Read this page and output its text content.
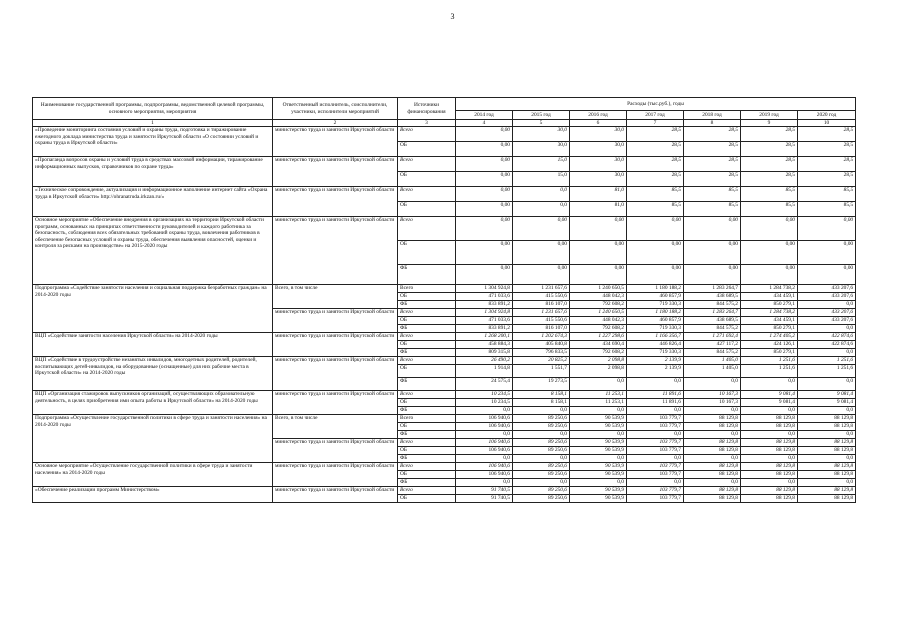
3
Наименование государственной программы, подпрограммы, ведомственной целевой программы, основного мероприятия, мероприятия	Ответственный исполнитель, соисполнители, участники, исполнители мероприятий	Источники финансирования	Расходы (тыс.руб.), годы						
			2014 год	2015 год	2016 год	2017 год	2018 год	2019 год	2020 год
1	2	3	4	5	6	7	8	9	10
«Проведение мониторинга состояния условий и охраны труда, подготовка и тиражирование ежегодного доклада министерства труда и занятости Иркутской области «О состоянии условий и охраны труда в Иркутской области»	министерство труда и занятости Иркутской области	Всего	0,00	30,0	30,0	28,5	28,5	28,5	28,5
		ОБ	0,00	30,0	30,0	28,5	28,5	28,5	28,5
«Пропаганда вопросов охраны и условий труда в средствах массовой информации, тиражирование информационных выпусков, справочников по охране труда»	министерство труда и занятости Иркутской области	Всего	0,00	15,0	30,0	28,5	28,5	28,5	28,5
		ОБ	0,00	15,0	30,0	28,5	28,5	28,5	28,5
«Техническое сопровождение, актуализация и информационное наполнение интернет сайта «Охрана труда в Иркутской области» http://ohranatruda.irkzan.ru/»	министерство труда и занятости Иркутской области	Всего	0,00	0,0	81,0	85,5	85,5	85,5	85,5
		ОБ	0,00	0,0	81,0	85,5	85,5	85,5	85,5
Основное мероприятие «Обеспечение внедрения в организациях на территории Иркутской области программ, основанных на принципах ответственности руководителей и каждого работника за безопасность, соблюдения всех обязательных требований охраны труда, вовлечения работников в обеспечение безопасных условий и охраны труда, обеспечения выявления опасностей, оценки и контроля за рисками на производстве» на 2015-2020 годы	министерство труда и занятости Иркутской области	Всего	0,00	0,00	0,00	0,00	0,00	0,00	0,00
		ОБ	0,00	0,00	0,00	0,00	0,00	0,00	0,00
		ФБ	0,00	0,00	0,00	0,00	0,00	0,00	0,00
Подпрограмма «Содействие занятости населения и социальная поддержка безработных граждан» на 2014-2020 годы	Всего, в том числе	Всего	1 304 924,8	1 231 657,6	1 240 650,5	1 180 188,2	1 283 264,7	1 284 738,2	433 207,6
		ОБ	471 033,6	415 550,6	448 042,3	460 857,9	438 689,5	434 459,1	433 207,6
		ФБ	833 891,2	816 107,0	792 608,2	719 330,3	844 575,2	850 279,1	0,0
	министерство труда и занятости Иркутской области	Всего	1 304 924,8	1 231 657,6	1 240 650,5	1 180 188,2	1 283 264,7	1 284 738,2	433 207,6
		ОБ	471 033,6	415 550,6	448 042,3	460 857,9	438 689,5	434 459,1	433 207,6
		ФБ	833 891,2	816 107,0	792 608,2	719 330,3	844 575,2	850 279,1	0,0
ВЦП «Содействие занятости населения Иркутской области» на 2014-2020 годы	министерство труда и занятости Иркутской области	Всего	1 268 200,1	1 202 674,3	1 227 298,6	1 166 356,7	1 271 692,4	1 274 405,2	422 874,6
		ОБ	458 884,3	405 840,8	434 690,4	446 826,4	427 117,2	424 126,1	422 874,6
		ФБ	809 315,8	796 833,5	792 608,2	719 330,3	844 575,2	850 279,1	0,0
ВЦП «Содействие в трудоустройстве незанятых инвалидов, многодетных родителей, родителей, воспитывающих детей-инвалидов, на оборудованные (оснащенные) для них рабочие места в Иркутской области» на 2014-2020 годы	министерство труда и занятости Иркутской области	Всего	26 490,2	20 825,2	2 098,8	2 139,9	1 405,0	1 251,6	1 251,6
		ОБ	1 914,8	1 551,7	2 098,8	2 139,9	1 405,0	1 251,6	1 251,6
		ФБ	24 575,4	19 273,5	0,0	0,0	0,0	0,0	0,0
ВЦП «Организация стажировок выпускников организаций, осуществляющих образовательную деятельность, в целях приобретения ими опыта работы в Иркутской области» на 2014-2020 годы	министерство труда и занятости Иркутской области	Всего	10 234,5	8 158,1	11 253,1	11 891,6	10 167,3	9 081,4	9 081,4
		ОБ	10 234,5	8 158,1	11 253,1	11 891,6	10 167,3	9 081,4	9 081,4
		ФБ	0,0	0,0	0,0	0,0	0,0	0,0	0,0
Подпрограмма «Осуществление государственной политики в сфере труда и занятости населения» на 2014-2020 годы	Всего, в том числе	Всего	106 940,6	89 250,6	90 539,9	103 779,7	88 129,8	88 129,8	88 129,8
		ОБ	106 940,6	89 250,6	90 539,9	103 779,7	88 129,8	88 129,8	88 129,8
		ФБ	0,0	0,0	0,0	0,0	0,0	0,0	0,0
	министерство труда и занятости Иркутской области	Всего	106 940,6	89 250,6	90 539,9	103 779,7	88 129,8	88 129,8	88 129,8
		ОБ	106 940,6	89 250,6	90 539,9	103 779,7	88 129,8	88 129,8	88 129,8
		ФБ	0,0	0,0	0,0	0,0	0,0	0,0	0,0
Основное мероприятие «Осуществление государственной политики в сфере труда и занятости населения» на 2014-2020 годы	министерство труда и занятости Иркутской области	Всего	106 940,6	89 250,6	90 539,9	103 779,7	88 129,8	88 129,8	88 129,8
		ОБ	106 940,6	89 250,6	90 539,9	103 779,7	88 129,8	88 129,8	88 129,8
		ФБ	0,0	0,0	0,0	0,0	0,0	0,0	0,0
«Обеспечение реализации программ Министерством»	министерство труда и занятости Иркутской области	Всего	91 740,5	89 250,6	90 539,9	103 779,7	88 129,8	88 129,8	88 129,8
		ОБ	91 740,5	89 250,6	90 539,9	103 779,7	88 129,8	88 129,8	88 129,8
